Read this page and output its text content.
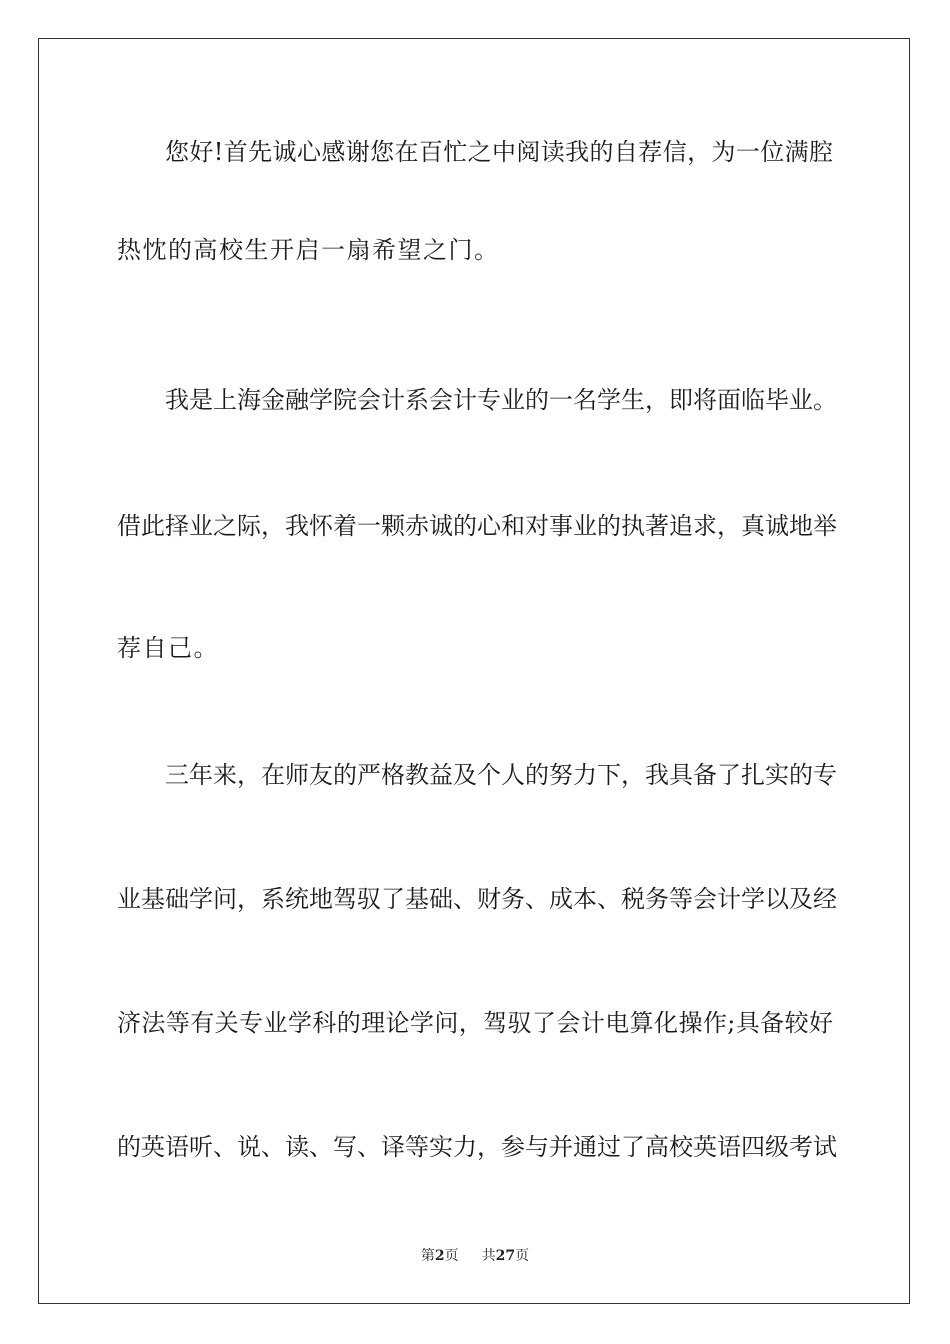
您好!首先诚心感谢您在百忙之中阅读我的自荐信，为一位满腔
热忱的高校生开启一扇希望之门。
我是上海金融学院会计系会计专业的一名学生，即将面临毕业。
借此择业之际，我怀着一颗赤诚的心和对事业的执著追求，真诚地举
荐自己。
三年来，在师友的严格教益及个人的努力下，我具备了扎实的专
业基础学问，系统地驾驭了基础、财务、成本、税务等会计学以及经
济法等有关专业学科的理论学问，驾驭了会计电算化操作;具备较好
的英语听、说、读、写、译等实力，参与并通过了高校英语四级考试
第2页 共27页
